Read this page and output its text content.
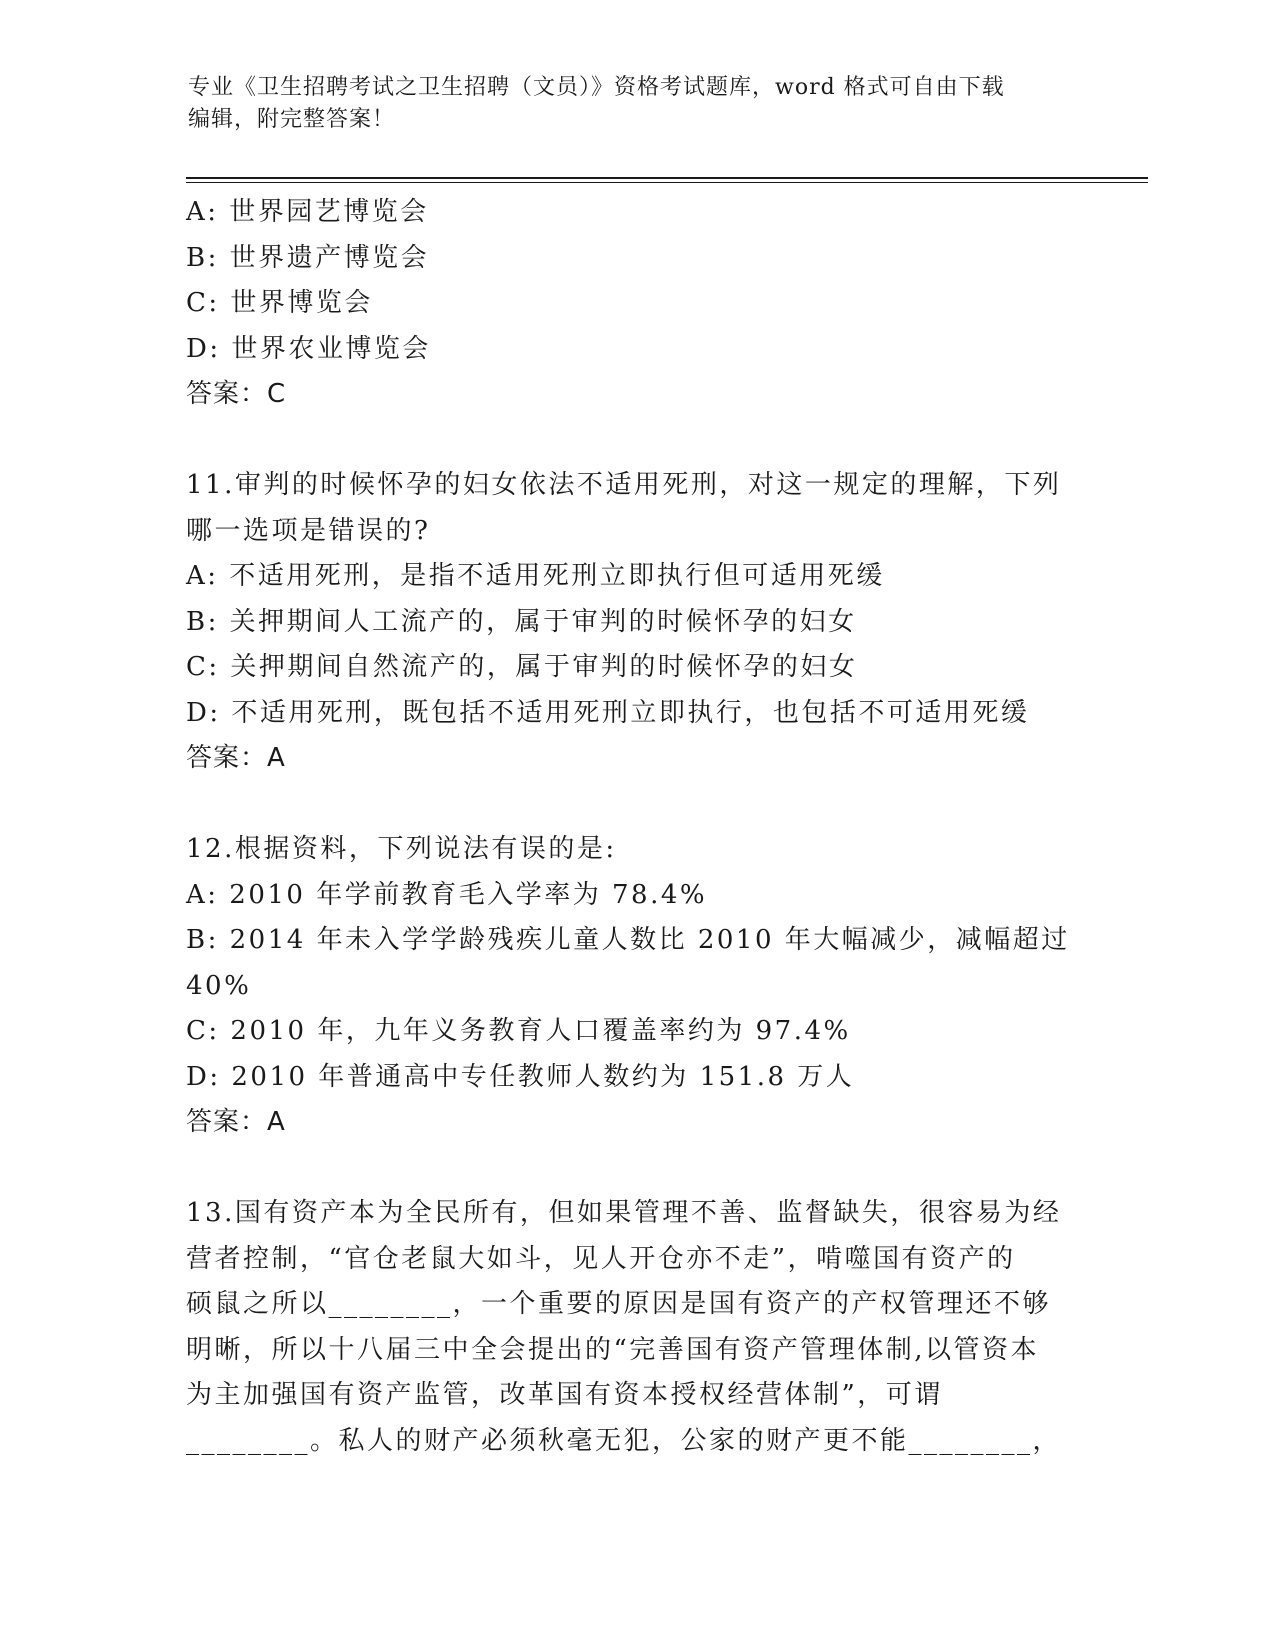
专业《卫生招聘考试之卫生招聘（文员）》资格考试题库，word 格式可自由下载
编辑，附完整答案！
A: 世界园艺博览会
B: 世界遗产博览会
C: 世界博览会
D: 世界农业博览会
答案：C
11.审判的时候怀孕的妇女依法不适用死刑，对这一规定的理解，下列
哪一选项是错误的?
A: 不适用死刑，是指不适用死刑立即执行但可适用死缓
B: 关押期间人工流产的，属于审判的时候怀孕的妇女
C: 关押期间自然流产的，属于审判的时候怀孕的妇女
D: 不适用死刑，既包括不适用死刑立即执行，也包括不可适用死缓
答案：A
12.根据资料，下列说法有误的是:
A: 2010 年学前教育毛入学率为 78.4%
B: 2014 年未入学学龄残疾儿童人数比 2010 年大幅减少，减幅超过
40%
C: 2010 年，九年义务教育人口覆盖率约为 97.4%
D: 2010 年普通高中专任教师人数约为 151.8 万人
答案：A
13.国有资产本为全民所有，但如果管理不善、监督缺失，很容易为经
营者控制，“官仓老鼠大如斗，见人开仓亦不走”，啃噬国有资产的
硕鼠之所以________，一个重要的原因是国有资产的产权管理还不够
明晰，所以十八届三中全会提出的“完善国有资产管理体制,以管资本
为主加强国有资产监管，改革国有资本授权经营体制”，可谓
________。私人的财产必须秋毫无犯，公家的财产更不能________，
